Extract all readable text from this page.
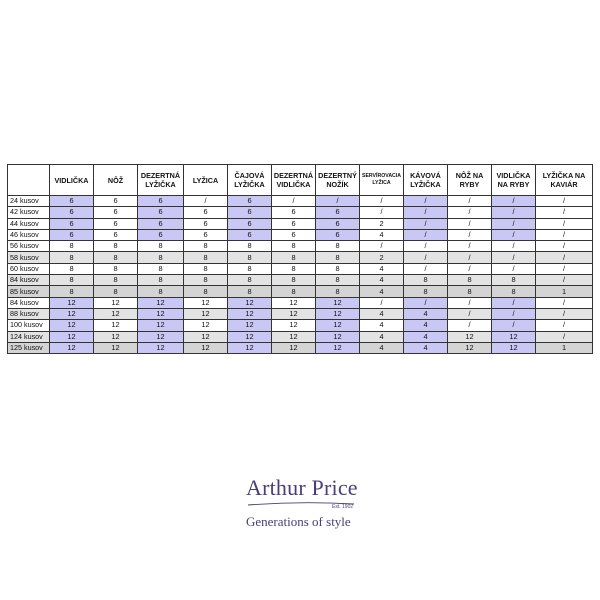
	VIDLIČKA	NÔŽ	DEZERTNÁ LYŽIČKA	LYŽICA	ČAJOVÁ LYŽIČKA	DEZERTNÁ VIDLIČKA	DEZERTNÝ NOŽÍK	SERVÍROVACIA LYŽICA	KÁVOVÁ LYŽIČKA	NÔŽ NA RYBY	VIDLIČKA NA RYBY	LYŽIČKA NA KAVIÁR
24 kusov	6	6	6	/	6	/	/	/	/	/	/	/
42 kusov	6	6	6	6	6	6	6	/	/	/	/	/
44 kusov	6	6	6	6	6	6	6	2	/	/	/	/
46 kusov	6	6	6	6	6	6	6	4	/	/	/	/
56 kusov	8	8	8	8	8	8	8	/	/	/	/	/
58 kusov	8	8	8	8	8	8	8	2	/	/	/	/
60 kusov	8	8	8	8	8	8	8	4	/	/	/	/
84 kusov	8	8	8	8	8	8	8	4	8	8	8	/
85 kusov	8	8	8	8	8	8	8	4	8	8	8	1
84 kusov	12	12	12	12	12	12	12	/	/	/	/	/
88 kusov	12	12	12	12	12	12	12	4	4	/	/	/
100 kusov	12	12	12	12	12	12	12	4	4	/	/	/
124 kusov	12	12	12	12	12	12	12	4	4	12	12	/
125 kusov	12	12	12	12	12	12	12	4	4	12	12	1
Arthur Price
Est. 1902
Generations of style
